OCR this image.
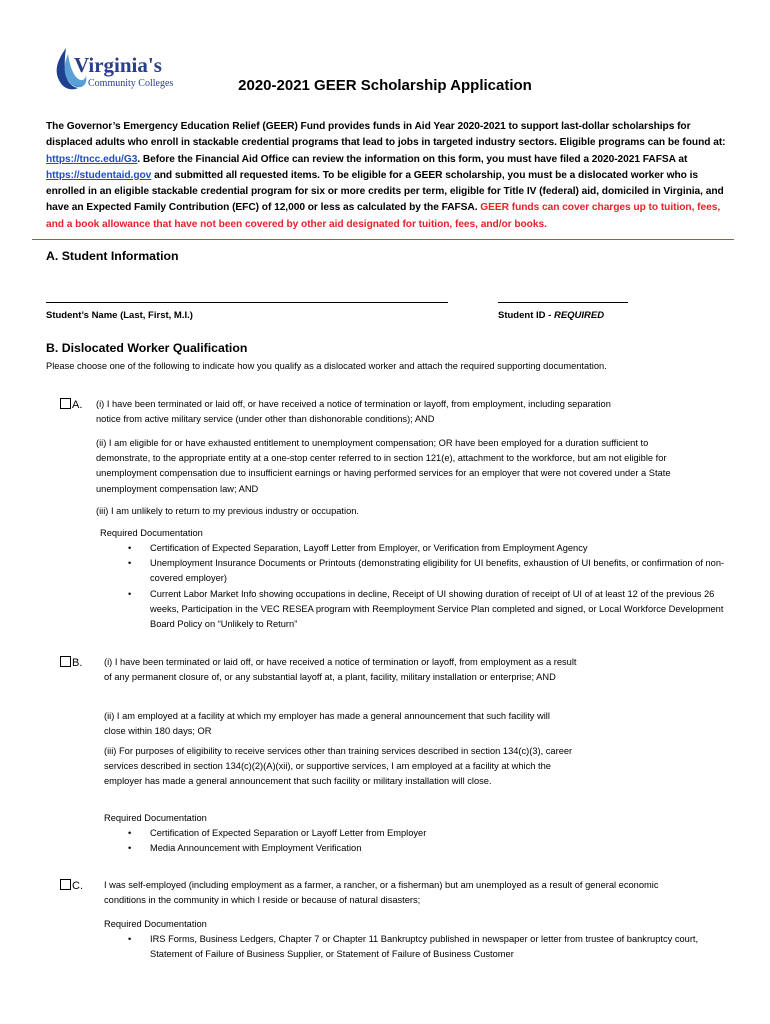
Virginia's
Community Colleges	2020-2021 GEER Scholarship Application
The Governor’s Emergency Education Relief (GEER) Fund provides funds in Aid Year 2020-2021 to support last-dollar scholarships for displaced adults who enroll in stackable credential programs that lead to jobs in targeted industry sectors. Eligible programs can be found at: https://tncc.edu/G3. Before the Financial Aid Office can review the information on this form, you must have filed a 2020-2021 FAFSA at https://studentaid.gov and submitted all requested items. To be eligible for a GEER scholarship, you must be a dislocated worker who is enrolled in an eligible stackable credential program for six or more credits per term, eligible for Title IV (federal) aid, domiciled in Virginia, and have an Expected Family Contribution (EFC) of 12,000 or less as calculated by the FAFSA. GEER funds can cover charges up to tuition, fees, and a book allowance that have not been covered by other aid designated for tuition, fees, and/or books.
A. Student Information
Student’s Name (Last, First, M.I.)	Student ID - REQUIRED
B. Dislocated Worker Qualification
Please choose one of the following to indicate how you qualify as a dislocated worker and attach the required supporting documentation.
A. (i) I have been terminated or laid off, or have received a notice of termination or layoff, from employment, including separation notice from active military service (under other than dishonorable conditions); AND
(ii) I am eligible for or have exhausted entitlement to unemployment compensation; OR have been employed for a duration sufficient to demonstrate, to the appropriate entity at a one-stop center referred to in section 121(e), attachment to the workforce, but am not eligible for unemployment compensation due to insufficient earnings or having performed services for an employer that were not covered under a State unemployment compensation law; AND
(iii) I am unlikely to return to my previous industry or occupation.
Required Documentation

• Certification of Expected Separation, Layoff Letter from Employer, or Verification from Employment Agency

• Unemployment Insurance Documents or Printouts (demonstrating eligibility for UI benefits, exhaustion of UI benefits, or confirmation of non-covered employer)

• Current Labor Market Info showing occupations in decline, Receipt of UI showing duration of receipt of UI of at least 12 of the previous 26 weeks, Participation in the VEC RESEA program with Reemployment Service Plan completed and signed, or Local Workforce Development Board Policy on “Unlikely to Return”

B. (i) I have been terminated or laid off, or have received a notice of termination or layoff, from employment as a result of any permanent closure of, or any substantial layoff at, a plant, facility, military installation or enterprise; AND
(ii) I am employed at a facility at which my employer has made a general announcement that such facility will close within 180 days; OR
(iii) For purposes of eligibility to receive services other than training services described in section 134(c)(3), career services described in section 134(c)(2)(A)(xii), or supportive services, I am employed at a facility at which the employer has made a general announcement that such facility or military installation will close.
Required Documentation

• Certification of Expected Separation or Layoff Letter from Employer

• Media Announcement with Employment Verification

C. I was self-employed (including employment as a farmer, a rancher, or a fisherman) but am unemployed as a result of general economic conditions in the community in which I reside or because of natural disasters;
Required Documentation

• IRS Forms, Business Ledgers, Chapter 7 or Chapter 11 Bankruptcy published in newspaper or letter from trustee of bankruptcy court, Statement of Failure of Business Supplier, or Statement of Failure of Business Customer
